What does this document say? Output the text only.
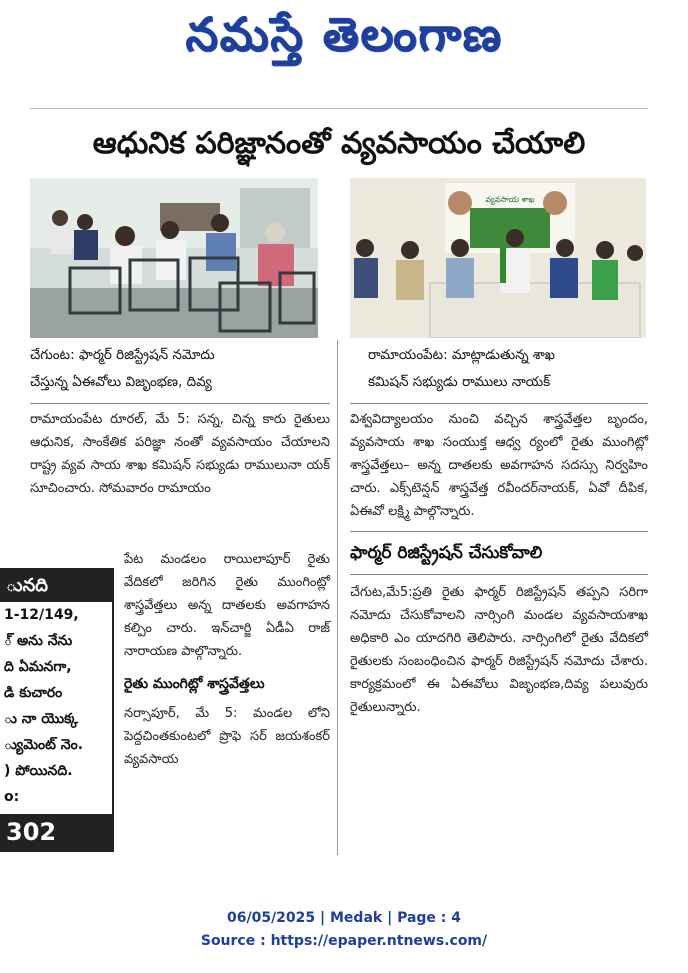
నమస్తే తెలంగాణ
ఆధునిక పరిజ్ఞానంతో వ్యవసాయం చేయాలి
వ్యవసాయ శాఖ
చేగుంట: ఫార్మర్ రిజిస్ట్రేషన్ నమోదు
చేస్తున్న ఏఈవోలు విజృంభణ, దివ్య
రామాయంపేట: మాట్లాడుతున్న శాఖ
కమిషన్ సభ్యుడు రాములు నాయక్

రామాయంపేట రూరల్, మే 5: సన్న, చిన్న కారు రైతులు ఆధునిక, సాంకేతిక పరిజ్ఞా నంతో వ్యవసాయం చేయాలని రాష్ట్ర వ్యవ సాయ శాఖ కమిషన్ సభ్యుడు రాములునా యక్ సూచించారు. సోమవారం రామాయం

పేట మండలం రాయిలాపూర్ రైతు వేదికలో జరిగిన రైతు ముంగింట్లో శాస్త్రవేత్తలు అన్న దాతలకు అవగాహన కల్పిం చారు. ఇన్‌చార్జి ఏడీఏ రాజ్ నారాయణ పాల్గొన్నారు.

రైతు ముంగిట్లో శాస్త్రవేత్తలు

నర్సాపూర్, మే 5: మండల లోని పెద్దచింతకుంటలో ప్రొఫె సర్ జయశంకర్ వ్యవసాయ

విశ్వవిద్యాలయం నుంచి వచ్చిన శాస్త్రవేత్తల బృందం, వ్యవసాయ శాఖ సంయుక్త ఆధ్వ ర్యంలో రైతు ముంగిట్లో శాస్త్రవేత్తలు– అన్న దాతలకు అవగాహన సదస్సు నిర్వహిం చారు. ఎక్స్‌టెన్షన్ శాస్త్రవేత్త రవీందర్‌నాయక్, ఏవో దీపిక, ఏఈవో లక్ష్మి పాల్గొన్నారు.

ఫార్మర్ రిజిస్ట్రేషన్ చేసుకోవాలి

చేగుట,మే5:ప్రతి రైతు ఫార్మర్ రిజిస్ట్రేషన్ తప్పని సరిగా నమోదు చేసుకోవాలని నార్సింగి మండల వ్యవసాయశాఖ అధికారి ఎం యాదగిరి తెలిపారు. నార్సింగిలో రైతు వేదికలో రైతులకు సంబంధించిన ఫార్మర్ రిజిస్ట్రేషన్ నమోదు చేశారు. కార్యక్రమంలో ఈ ఏఈవోలు విజృంభణ,దివ్య పలువురు రైతులున్నారు.

ునది
1-12/149,
్ అను నేను
ది ఏమనగా,
డి కుచారం
ు నా యొక్క
్యుమెంట్ నెం.
) పోయినది.
o:
302
06/05/2025 | Medak | Page : 4
Source : https://epaper.ntnews.com/
